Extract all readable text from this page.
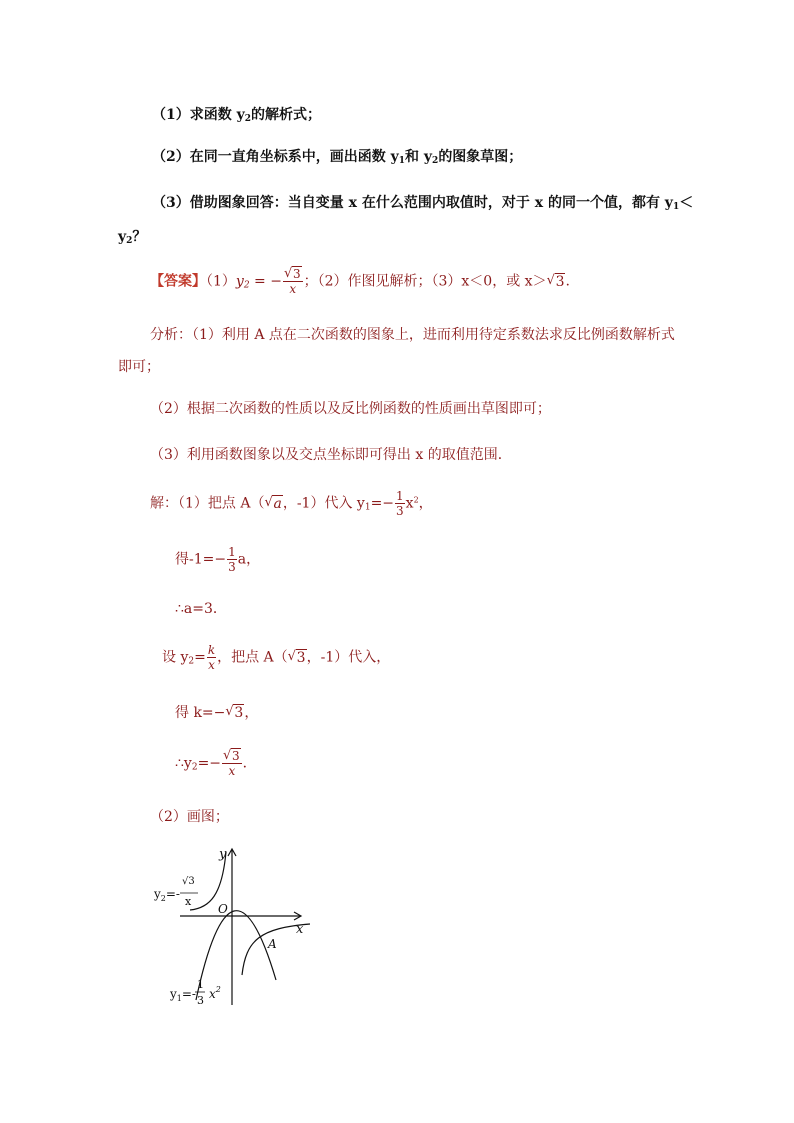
（1）求函数 $y_2$的解析式；
（2）在同一直角坐标系中，画出函数 $y_1$和 $y_2$的图象草图；
（3）借助图象回答：当自变量 x 在什么范围内取值时，对于 x 的同一个值，都有 $y_1<$
$y_2$？
【答案】$(1)y_2$ = − √ $\frac{3}{x}$ ；（2）作图见解析；（3）x＜0，或 x＞ √ 3.
分析：（1）利用 A 点在二次函数的图象上，进而利用待定系数法求反比例函数解析式
即可；
（2）根据二次函数的性质以及反比例函数的性质画出草图即可；
（3）利用函数图象以及交点坐标即可得出 x 的取值范围．
解：（1）把点 A（ √ a，-1）代入 $y_1=- \frac{1}{3} x^2$，
得$-1=- \frac{1}{3}$ a，
∴a=3．
设 $y_2= \frac{k}{x}$ ，把点 A（ √ 3，-1）代入，
得 k=− √ 3，
$\therefore y_2=-$ √ $\frac{3}{x}$ ．
（2）画图；
y
x
O
A
$y_2=-$
√3
x
$y_1=-$
1
3 $x^2$
